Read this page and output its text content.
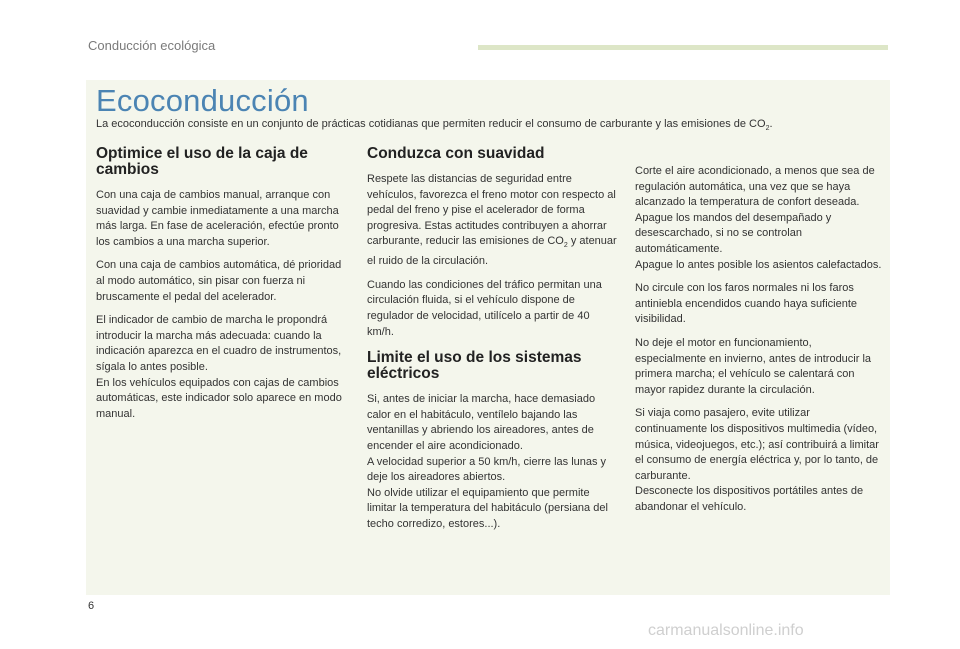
Conducción ecológica
Ecoconducción
La ecoconducción consiste en un conjunto de prácticas cotidianas que permiten reducir el consumo de carburante y las emisiones de $CO_2$.
Optimice el uso de la caja de cambios

Con una caja de cambios manual, arranque con suavidad y cambie inmediatamente a una marcha más larga. En fase de aceleración, efectúe pronto los cambios a una marcha superior.

Con una caja de cambios automática, dé prioridad al modo automático, sin pisar con fuerza ni bruscamente el pedal del acelerador.

El indicador de cambio de marcha le propondrá introducir la marcha más adecuada: cuando la indicación aparezca en el cuadro de instrumentos, sígala lo antes posible.

En los vehículos equipados con cajas de cambios automáticas, este indicador solo aparece en modo manual.

Conduzca con suavidad

Respete las distancias de seguridad entre vehículos, favorezca el freno motor con respecto al pedal del freno y pise el acelerador de forma progresiva. Estas actitudes contribuyen a ahorrar carburante, reducir las emisiones de $CO_2$ y atenuar el ruido de la circulación.

Cuando las condiciones del tráfico permitan una circulación fluida, si el vehículo dispone de regulador de velocidad, utilícelo a partir de 40 km/h.

Limite el uso de los sistemas eléctricos

Si, antes de iniciar la marcha, hace demasiado calor en el habitáculo, ventílelo bajando las ventanillas y abriendo los aireadores, antes de encender el aire acondicionado.

A velocidad superior a 50 km/h, cierre las lunas y deje los aireadores abiertos.

No olvide utilizar el equipamiento que permite limitar la temperatura del habitáculo (persiana del techo corredizo, estores...).

Corte el aire acondicionado, a menos que sea de regulación automática, una vez que se haya alcanzado la temperatura de confort deseada.

Apague los mandos del desempañado y desescarchado, si no se controlan automáticamente.

Apague lo antes posible los asientos calefactados.

No circule con los faros normales ni los faros antiniebla encendidos cuando haya suficiente visibilidad.

No deje el motor en funcionamiento, especialmente en invierno, antes de introducir la primera marcha; el vehículo se calentará con mayor rapidez durante la circulación.

Si viaja como pasajero, evite utilizar continuamente los dispositivos multimedia (vídeo, música, videojuegos, etc.); así contribuirá a limitar el consumo de energía eléctrica y, por lo tanto, de carburante.

Desconecte los dispositivos portátiles antes de abandonar el vehículo.

6
carmanualsonline.info
